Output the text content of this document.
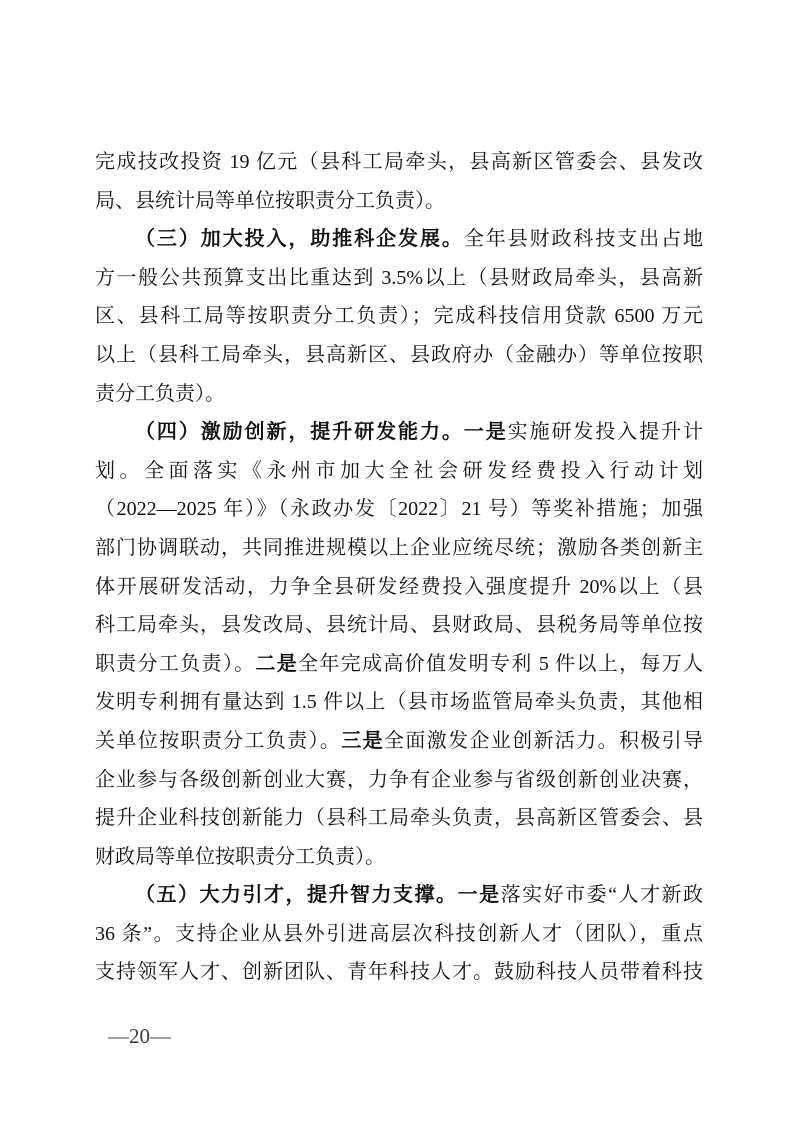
完成技改投资 19 亿元（县科工局牵头，县高新区管委会、县发改
局、县统计局等单位按职责分工负责）。
（三）加大投入，助推科企发展。全年县财政科技支出占地
方一般公共预算支出比重达到 3.5%以上（县财政局牵头，县高新
区、县科工局等按职责分工负责）；完成科技信用贷款 6500 万元
以上（县科工局牵头，县高新区、县政府办（金融办）等单位按职
责分工负责）。
（四）激励创新，提升研发能力。一是实施研发投入提升计
划。全面落实《永州市加大全社会研发经费投入行动计划
（2022—2025 年）》（永政办发〔2022〕21 号）等奖补措施；加强
部门协调联动，共同推进规模以上企业应统尽统；激励各类创新主
体开展研发活动，力争全县研发经费投入强度提升 20%以上（县
科工局牵头，县发改局、县统计局、县财政局、县税务局等单位按
职责分工负责）。二是全年完成高价值发明专利 5 件以上，每万人
发明专利拥有量达到 1.5 件以上（县市场监管局牵头负责，其他相
关单位按职责分工负责）。三是全面激发企业创新活力。积极引导
企业参与各级创新创业大赛，力争有企业参与省级创新创业决赛，
提升企业科技创新能力（县科工局牵头负责，县高新区管委会、县
财政局等单位按职责分工负责）。
（五）大力引才，提升智力支撑。一是落实好市委“人才新政
36 条”。支持企业从县外引进高层次科技创新人才（团队），重点
支持领军人才、创新团队、青年科技人才。鼓励科技人员带着科技
—20—
